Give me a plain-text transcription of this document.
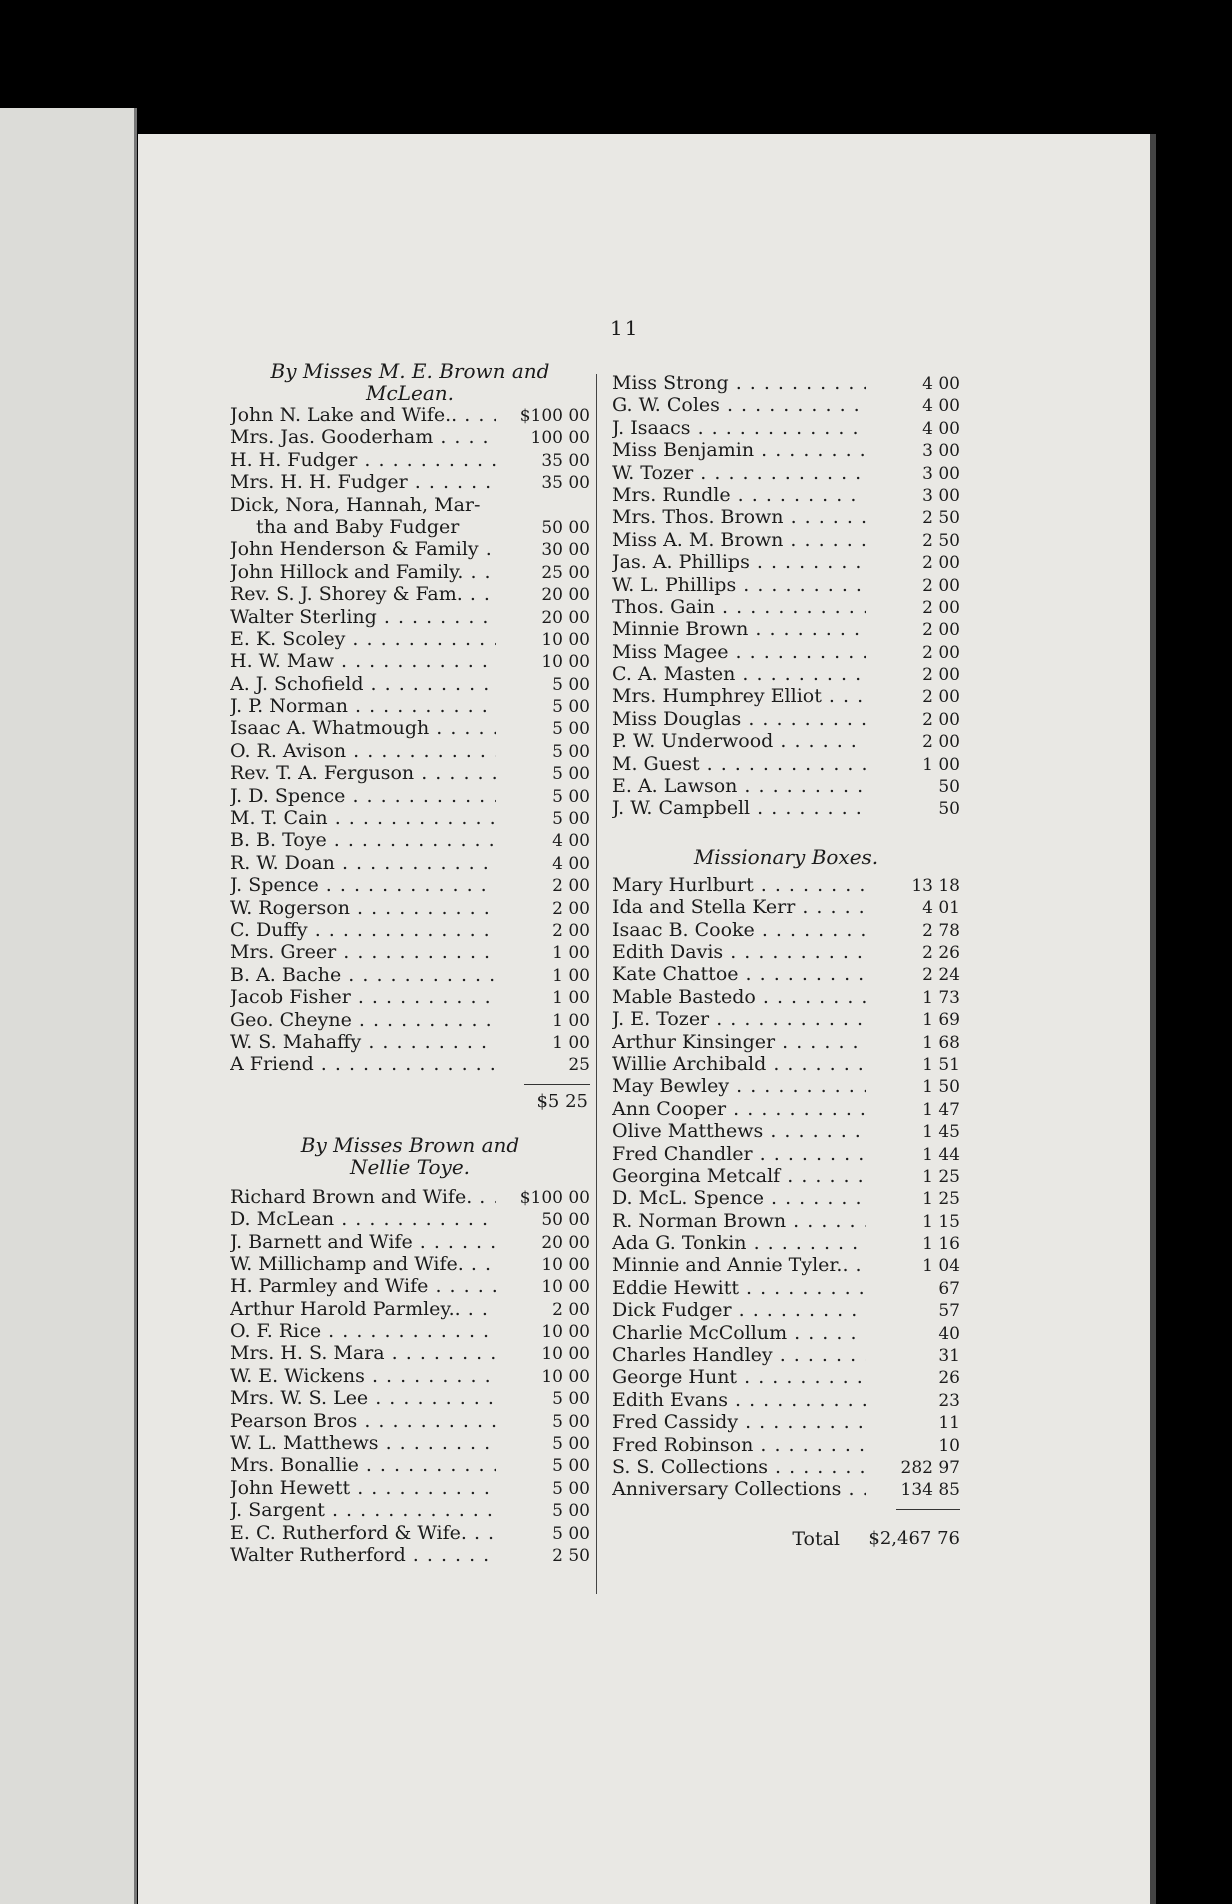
11
By Misses M. E. Brown and
McLean.
John N. Lake and Wife.. . . .	$100 00
Mrs. Jas. Gooderham . . .	100 00
H. H. Fudger . . .	35 00
Mrs. H. H. Fudger . . .	35 00
Dick, Nora, Hannah, Mar-
tha and Baby Fudger	50 00
John Henderson & Family . . .	30 00
John Hillock and Family. . . .	25 00
Rev. S. J. Shorey & Fam. . . .	20 00
Walter Sterling . . .	20 00
E. K. Scoley . . .	10 00
H. W. Maw . . .	10 00
A. J. Schofield . . .	5 00
J. P. Norman . . .	5 00
Isaac A. Whatmough . . .	5 00
O. R. Avison . . .	5 00
Rev. T. A. Ferguson . . .	5 00
J. D. Spence . . .	5 00
M. T. Cain . . .	5 00
B. B. Toye . . .	4 00
R. W. Doan . . .	4 00
J. Spence . . .	2 00
W. Rogerson . . .	2 00
C. Duffy . . .	2 00
Mrs. Greer . . .	1 00
B. A. Bache . . .	1 00
Jacob Fisher . . .	1 00
Geo. Cheyne . . .	1 00
W. S. Mahaffy . . .	1 00
A Friend . . .	25
$5 25
By Misses Brown and
Nellie Toye.
Richard Brown and Wife. . . .	$100 00
D. McLean . . .	50 00
J. Barnett and Wife . . .	20 00
W. Millichamp and Wife. . . .	10 00
H. Parmley and Wife . . .	10 00
Arthur Harold Parmley.. . . .	2 00
O. F. Rice . . .	10 00
Mrs. H. S. Mara . . .	10 00
W. E. Wickens . . .	10 00
Mrs. W. S. Lee . . .	5 00
Pearson Bros . . .	5 00
W. L. Matthews . . .	5 00
Mrs. Bonallie . . .	5 00
John Hewett . . .	5 00
J. Sargent . . .	5 00
E. C. Rutherford & Wife. . . .	5 00
Walter Rutherford . . .	2 50
Miss Strong . . .	4 00
G. W. Coles . . .	4 00
J. Isaacs . . .	4 00
Miss Benjamin . . .	3 00
W. Tozer . . .	3 00
Mrs. Rundle . . .	3 00
Mrs. Thos. Brown . . .	2 50
Miss A. M. Brown . . .	2 50
Jas. A. Phillips . . .	2 00
W. L. Phillips . . .	2 00
Thos. Gain . . .	2 00
Minnie Brown . . .	2 00
Miss Magee . . .	2 00
C. A. Masten . . .	2 00
Mrs. Humphrey Elliot . . .	2 00
Miss Douglas . . .	2 00
P. W. Underwood . . .	2 00
M. Guest . . .	1 00
E. A. Lawson . . .	50
J. W. Campbell . . .	50
Missionary Boxes.
Mary Hurlburt . . .	13 18
Ida and Stella Kerr . . .	4 01
Isaac B. Cooke . . .	2 78
Edith Davis . . .	2 26
Kate Chattoe . . .	2 24
Mable Bastedo . . .	1 73
J. E. Tozer . . .	1 69
Arthur Kinsinger . . .	1 68
Willie Archibald . . .	1 51
May Bewley . . .	1 50
Ann Cooper . . .	1 47
Olive Matthews . . .	1 45
Fred Chandler . . .	1 44
Georgina Metcalf . . .	1 25
D. McL. Spence . . .	1 25
R. Norman Brown . . .	1 15
Ada G. Tonkin . . .	1 16
Minnie and Annie Tyler.. . . .	1 04
Eddie Hewitt . . .	67
Dick Fudger . . .	57
Charlie McCollum . . .	40
Charles Handley . . .	31
George Hunt . . .	26
Edith Evans . . .	23
Fred Cassidy . . .	11
Fred Robinson . . .	10
S. S. Collections . . .	282 97
Anniversary Collections . . .	134 85
Total	$2,467 76
